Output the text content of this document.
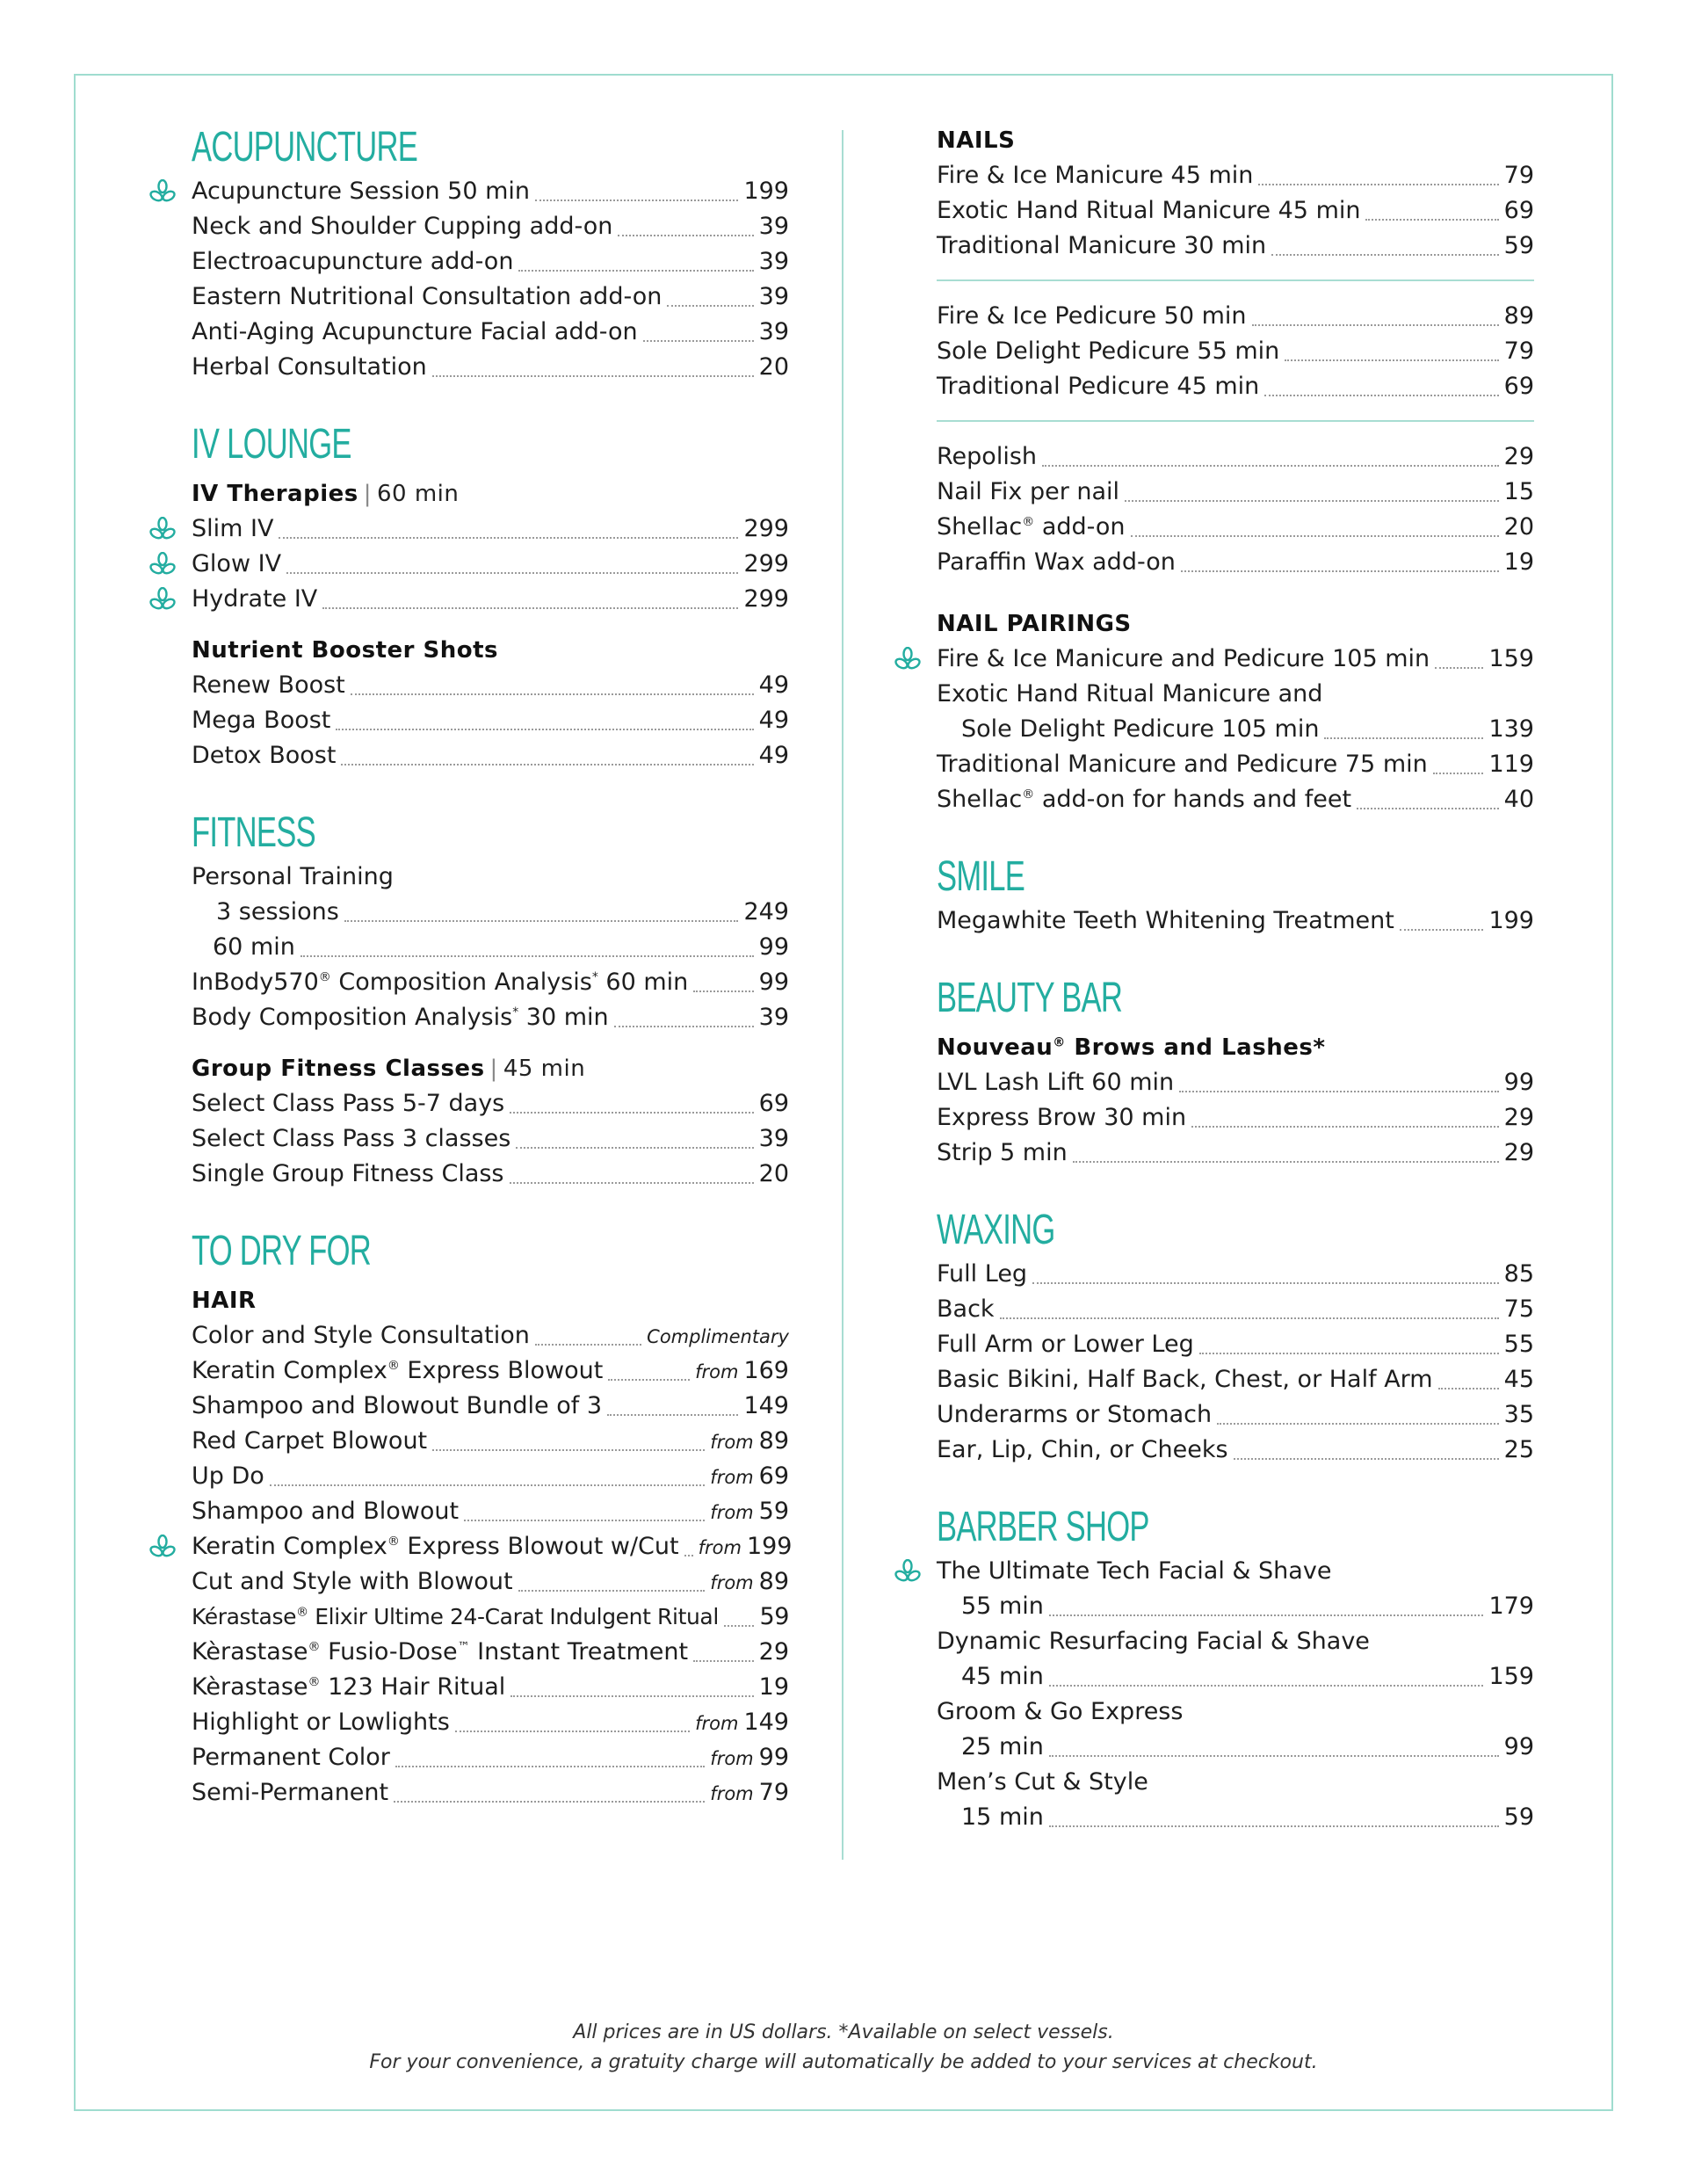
ACUPUNCTURE
Acupuncture Session 50 min	199
Neck and Shoulder Cupping add-on	39
Electroacupuncture add-on	39
Eastern Nutritional Consultation add-on	39
Anti-Aging Acupuncture Facial add-on	39
Herbal Consultation	20
IV LOUNGE
IV Therapies | 60 min
Slim IV	299
Glow IV	299
Hydrate IV	299
Nutrient Booster Shots
Renew Boost	49
Mega Boost	49
Detox Boost	49
FITNESS
Personal Training
3 sessions	249
60 min	99
InBody570® Composition Analysis* 60 min	99
Body Composition Analysis* 30 min	39
Group Fitness Classes | 45 min
Select Class Pass 5-7 days	69
Select Class Pass 3 classes	39
Single Group Fitness Class	20
TO DRY FOR
HAIR
Color and Style Consultation	Complimentary
Keratin Complex® Express Blowout	from 169
Shampoo and Blowout Bundle of 3	149
Red Carpet Blowout	from 89
Up Do	from 69
Shampoo and Blowout	from 59
Keratin Complex® Express Blowout w/Cut from 199
Cut and Style with Blowout	from 89
Kérastase® Elixir Ultime 24-Carat Indulgent Ritual 59
Kèrastase® Fusio-Dose™ Instant Treatment	29
Kèrastase® 123 Hair Ritual	19
Highlight or Lowlights	from 149
Permanent Color	from 99
Semi-Permanent	from 79
NAILS
Fire & Ice Manicure 45 min	79
Exotic Hand Ritual Manicure 45 min	69
Traditional Manicure 30 min	59
Fire & Ice Pedicure 50 min	89
Sole Delight Pedicure 55 min	79
Traditional Pedicure 45 min	69
Repolish	29
Nail Fix per nail	15
Shellac® add-on	20
Paraffin Wax add-on	19
NAIL PAIRINGS
Fire & Ice Manicure and Pedicure 105 min 159
Exotic Hand Ritual Manicure and
Sole Delight Pedicure 105 min	139
Traditional Manicure and Pedicure 75 min	119
Shellac® add-on for hands and feet	40
SMILE
Megawhite Teeth Whitening Treatment	199
BEAUTY BAR
Nouveau® Brows and Lashes*
LVL Lash Lift 60 min	99
Express Brow 30 min	29
Strip 5 min	29
WAXING
Full Leg	85
Back	75
Full Arm or Lower Leg	55
Basic Bikini, Half Back, Chest, or Half Arm	45
Underarms or Stomach	35
Ear, Lip, Chin, or Cheeks	25
BARBER SHOP
The Ultimate Tech Facial & Shave
55 min	179
Dynamic Resurfacing Facial & Shave
45 min	159
Groom & Go Express
25 min	99
Men’s Cut & Style
15 min	59
All prices are in US dollars. *Available on select vessels.
For your convenience, a gratuity charge will automatically be added to your services at checkout.
